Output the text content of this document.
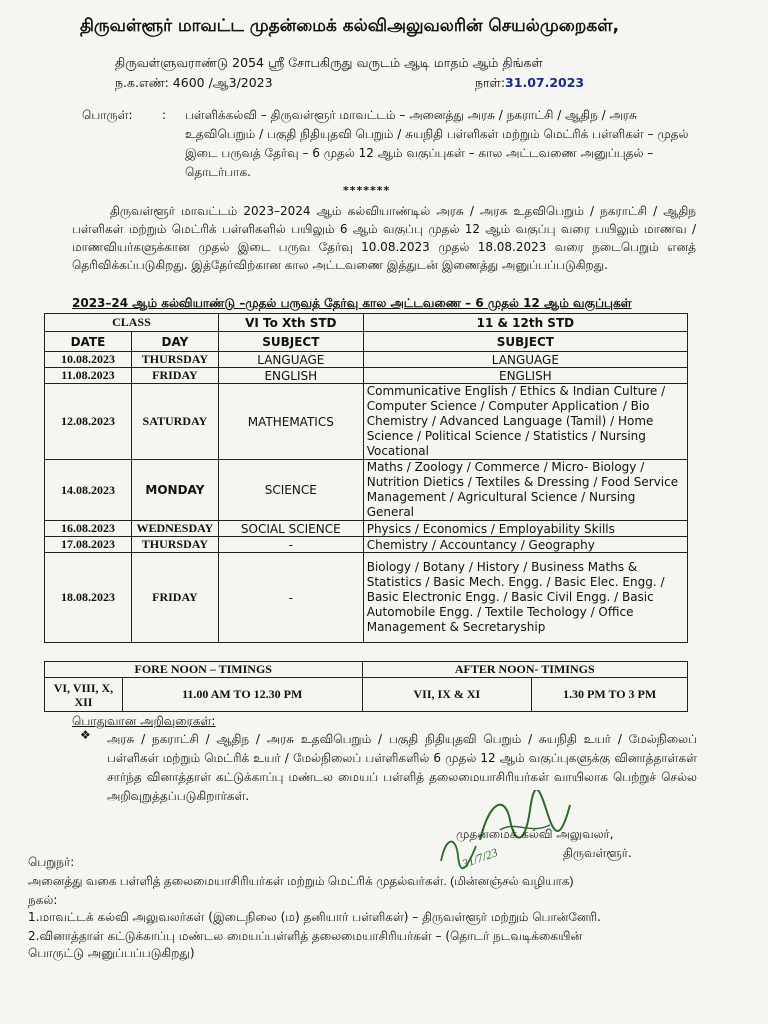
திருவள்ளூர் மாவட்ட முதன்மைக் கல்விஅலுவலரின் செயல்முறைகள்,
திருவள்ளுவராண்டு 2054 ஸ்ரீ சோபகிருது வருடம் ஆடி மாதம் ஆம் திங்கள்
ந.க.எண்: 4600 /ஆ3/2023	நாள்:31.07.2023
பொருள்: : பள்ளிக்கல்வி – திருவள்ளூர் மாவட்டம் – அனைத்து அரசு / நகராட்சி / ஆதிந / அரசு உதவிபெறும் / பகுதி நிதியுதவி பெறும் / சுயநிதி பள்ளிகள் மற்றும் மெட்ரிக் பள்ளிகள் – முதல் இடை பருவத் தேர்வு – 6 முதல் 12 ஆம் வகுப்புகள் – கால அட்டவணை அனுப்புதல் – தொடர்பாக.
*******
திருவள்ளூர் மாவட்டம் 2023–2024 ஆம் கல்வியாண்டில் அரசு / அரசு உதவிபெறும் / நகராட்சி / ஆதிந பள்ளிகள் மற்றும் மெட்ரிக் பள்ளிகளில் பயிலும் 6 ஆம் வகுப்பு முதல் 12 ஆம் வகுப்பு வரை பயிலும் மாணவ / மாணவியர்களுக்கான முதல் இடை பருவ தேர்வு 10.08.2023 முதல் 18.08.2023 வரை நடைபெறும் எனத் தெரிவிக்கப்படுகிறது. இத்தேர்விற்கான கால அட்டவணை இத்துடன் இணைத்து அனுப்பப்படுகிறது.
2023–24 ஆம் கல்வியாண்டு –முதல் பருவத் தேர்வு கால அட்டவணை – 6 முதல் 12 ஆம் வகுப்புகள்
CLASS		VI To Xth STD	11 & 12th STD
DATE	DAY	SUBJECT	SUBJECT
10.08.2023	THURSDAY	LANGUAGE	LANGUAGE
11.08.2023	FRIDAY	ENGLISH	ENGLISH
12.08.2023	SATURDAY	MATHEMATICS	Communicative English / Ethics & Indian Culture / Computer Science / Computer Application / Bio Chemistry / Advanced Language (Tamil) / Home Science / Political Science / Statistics / Nursing Vocational
14.08.2023	MONDAY	SCIENCE	Maths / Zoology / Commerce / Micro- Biology / Nutrition Dietics / Textiles & Dressing / Food Service Management / Agricultural Science / Nursing General
16.08.2023	WEDNESDAY	SOCIAL SCIENCE	Physics / Economics / Employability Skills
17.08.2023	THURSDAY	-	Chemistry / Accountancy / Geography
18.08.2023	FRIDAY	-	Biology / Botany / History / Business Maths & Statistics / Basic Mech. Engg. / Basic Elec. Engg. / Basic Electronic Engg. / Basic Civil Engg. / Basic Automobile Engg. / Textile Techology / Office Management & Secretaryship
FORE NOON – TIMINGS		AFTER NOON- TIMINGS	
VI, VIII, X, XII	11.00 AM TO 12.30 PM	VII, IX & XI	1.30 PM TO 3 PM
பொதுவான அறிவுரைகள்:
❖ அரசு / நகராட்சி / ஆதிந / அரசு உதவிபெறும் / பகுதி நிதியுதவி பெறும் / சுயநிதி உயர் / மேல்நிலைப் பள்ளிகள் மற்றும் மெட்ரிக் உயர் / மேல்நிலைப் பள்ளிகளில் 6 முதல் 12 ஆம் வகுப்புகளுக்கு வினாத்தாள்கள் சார்ந்த வினாத்தாள் கட்டுக்காப்பு மண்டல மையப் பள்ளித் தலைமையாசிரியர்கள் வாயிலாக பெற்றுச் செல்ல அறிவுறுத்தப்படுகிறார்கள்.
முதன்மைக் கல்வி அலுவலர்,
திருவள்ளூர்.
31/7/23
பெறுநர்:
அனைத்து வகை பள்ளித் தலைமையாசிரியர்கள் மற்றும் மெட்ரிக் முதல்வர்கள். (மின்னஞ்சல் வழியாக)
நகல்:
1.மாவட்டக் கல்வி அலுவலர்கள் (இடைநிலை (ம) தனியார் பள்ளிகள்) – திருவள்ளூர் மற்றும் பொன்னேரி.
2.வினாத்தாள் கட்டுக்காப்பு மண்டல மையப்பள்ளித் தலைமையாசிரியர்கள் – (தொடர் நடவடிக்கையின்
பொருட்டு அனுப்பப்படுகிறது)
